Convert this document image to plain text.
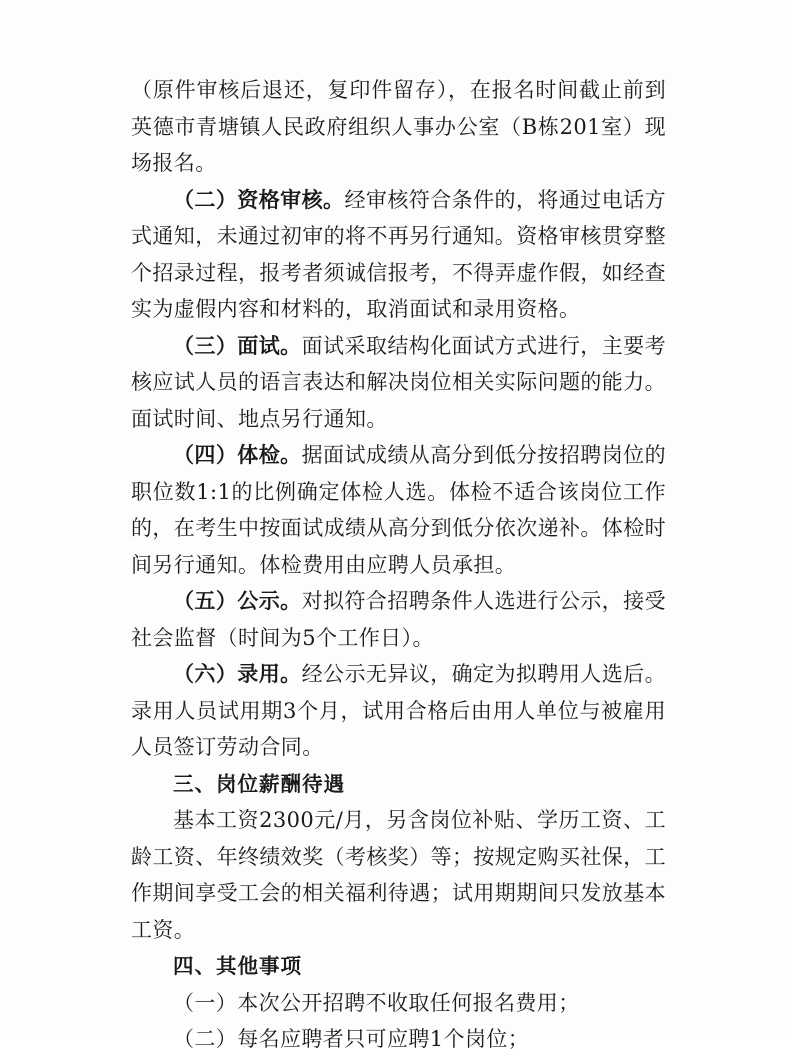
（原件审核后退还，复印件留存），在报名时间截止前到英德市青塘镇人民政府组织人事办公室（B栋201室）现场报名。

（二）资格审核。经审核符合条件的，将通过电话方式通知，未通过初审的将不再另行通知。资格审核贯穿整个招录过程，报考者须诚信报考，不得弄虚作假，如经查实为虚假内容和材料的，取消面试和录用资格。

（三）面试。面试采取结构化面试方式进行，主要考核应试人员的语言表达和解决岗位相关实际问题的能力。面试时间、地点另行通知。

（四）体检。据面试成绩从高分到低分按招聘岗位的职位数1:1的比例确定体检人选。体检不适合该岗位工作的，在考生中按面试成绩从高分到低分依次递补。体检时间另行通知。体检费用由应聘人员承担。

（五）公示。对拟符合招聘条件人选进行公示，接受社会监督（时间为5个工作日）。

（六）录用。经公示无异议，确定为拟聘用人选后。录用人员试用期3个月，试用合格后由用人单位与被雇用人员签订劳动合同。

三、岗位薪酬待遇

基本工资2300元/月，另含岗位补贴、学历工资、工龄工资、年终绩效奖（考核奖）等；按规定购买社保，工作期间享受工会的相关福利待遇；试用期期间只发放基本工资。

四、其他事项

（一）本次公开招聘不收取任何报名费用；

（二）每名应聘者只可应聘1个岗位；
